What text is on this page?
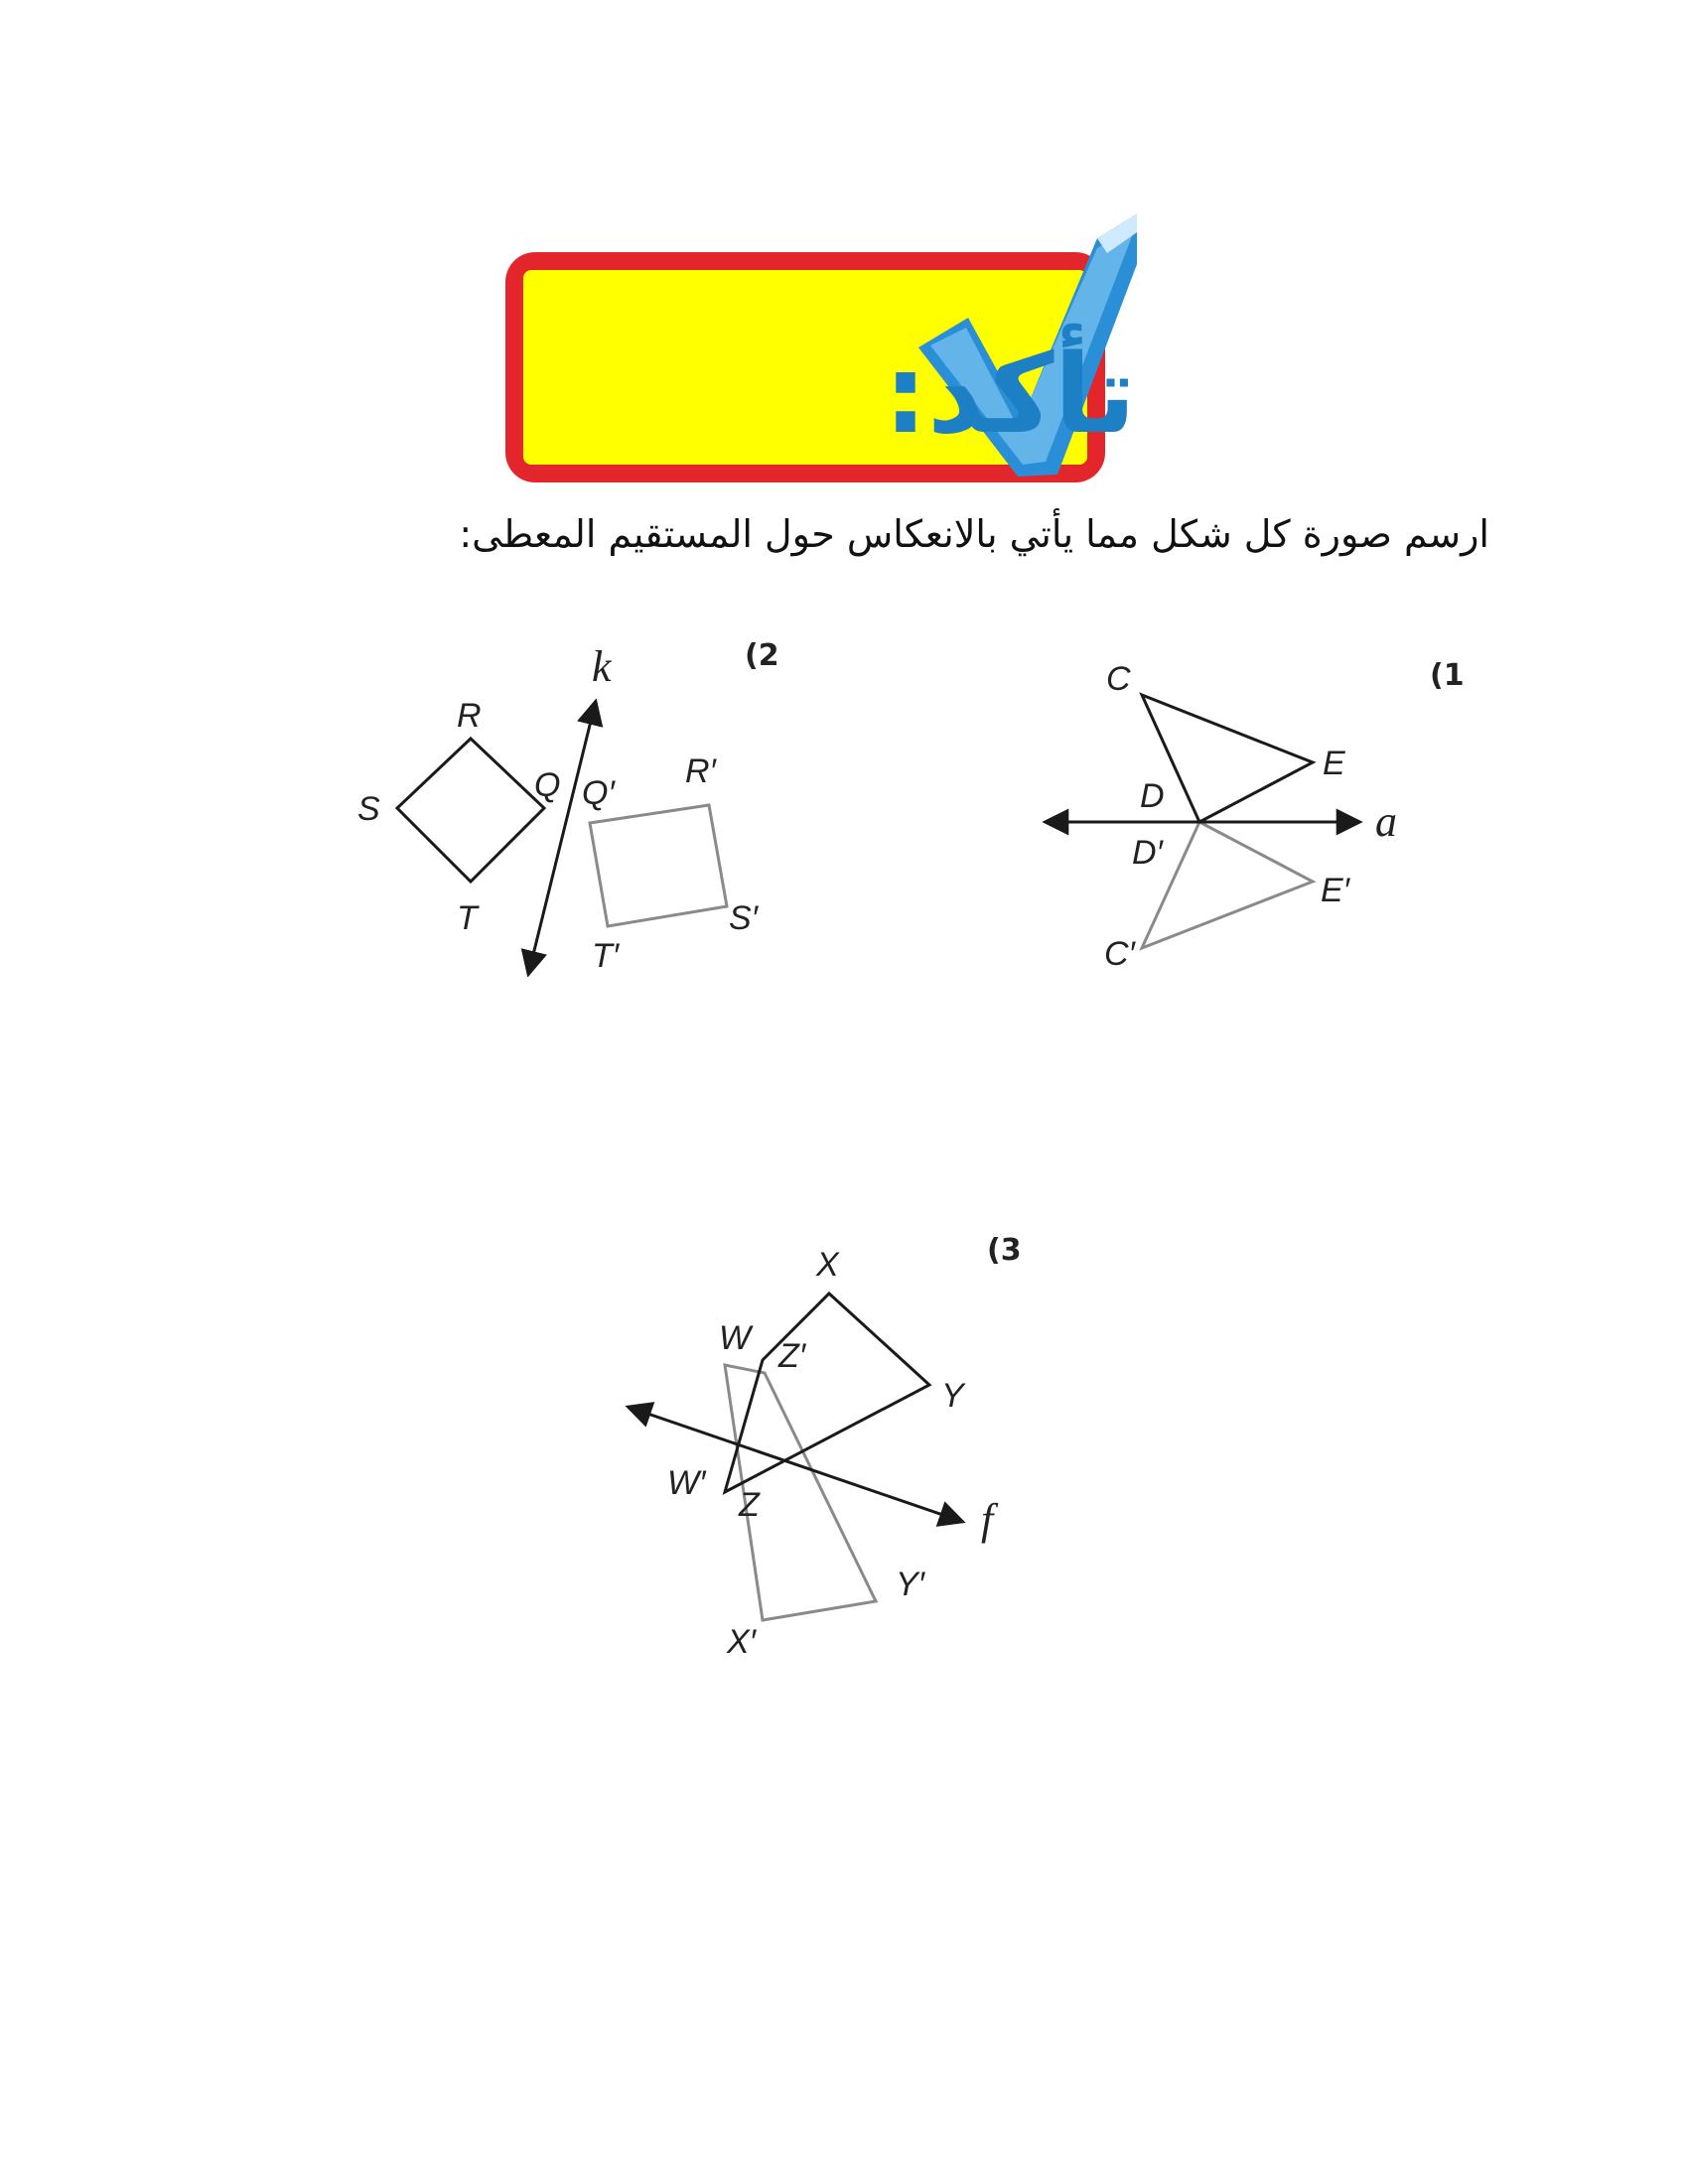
تأكد:
ارسم صورة كل شكل مما يأتي بالانعكاس حول المستقيم المعطى:
(1
C
E
D
a
D′
E′
C′
(2
k
R
Q
S
T
Q′
R′
S′
T′
(3
X
W Z′
Y
W′
Z	f
Y′
X′
